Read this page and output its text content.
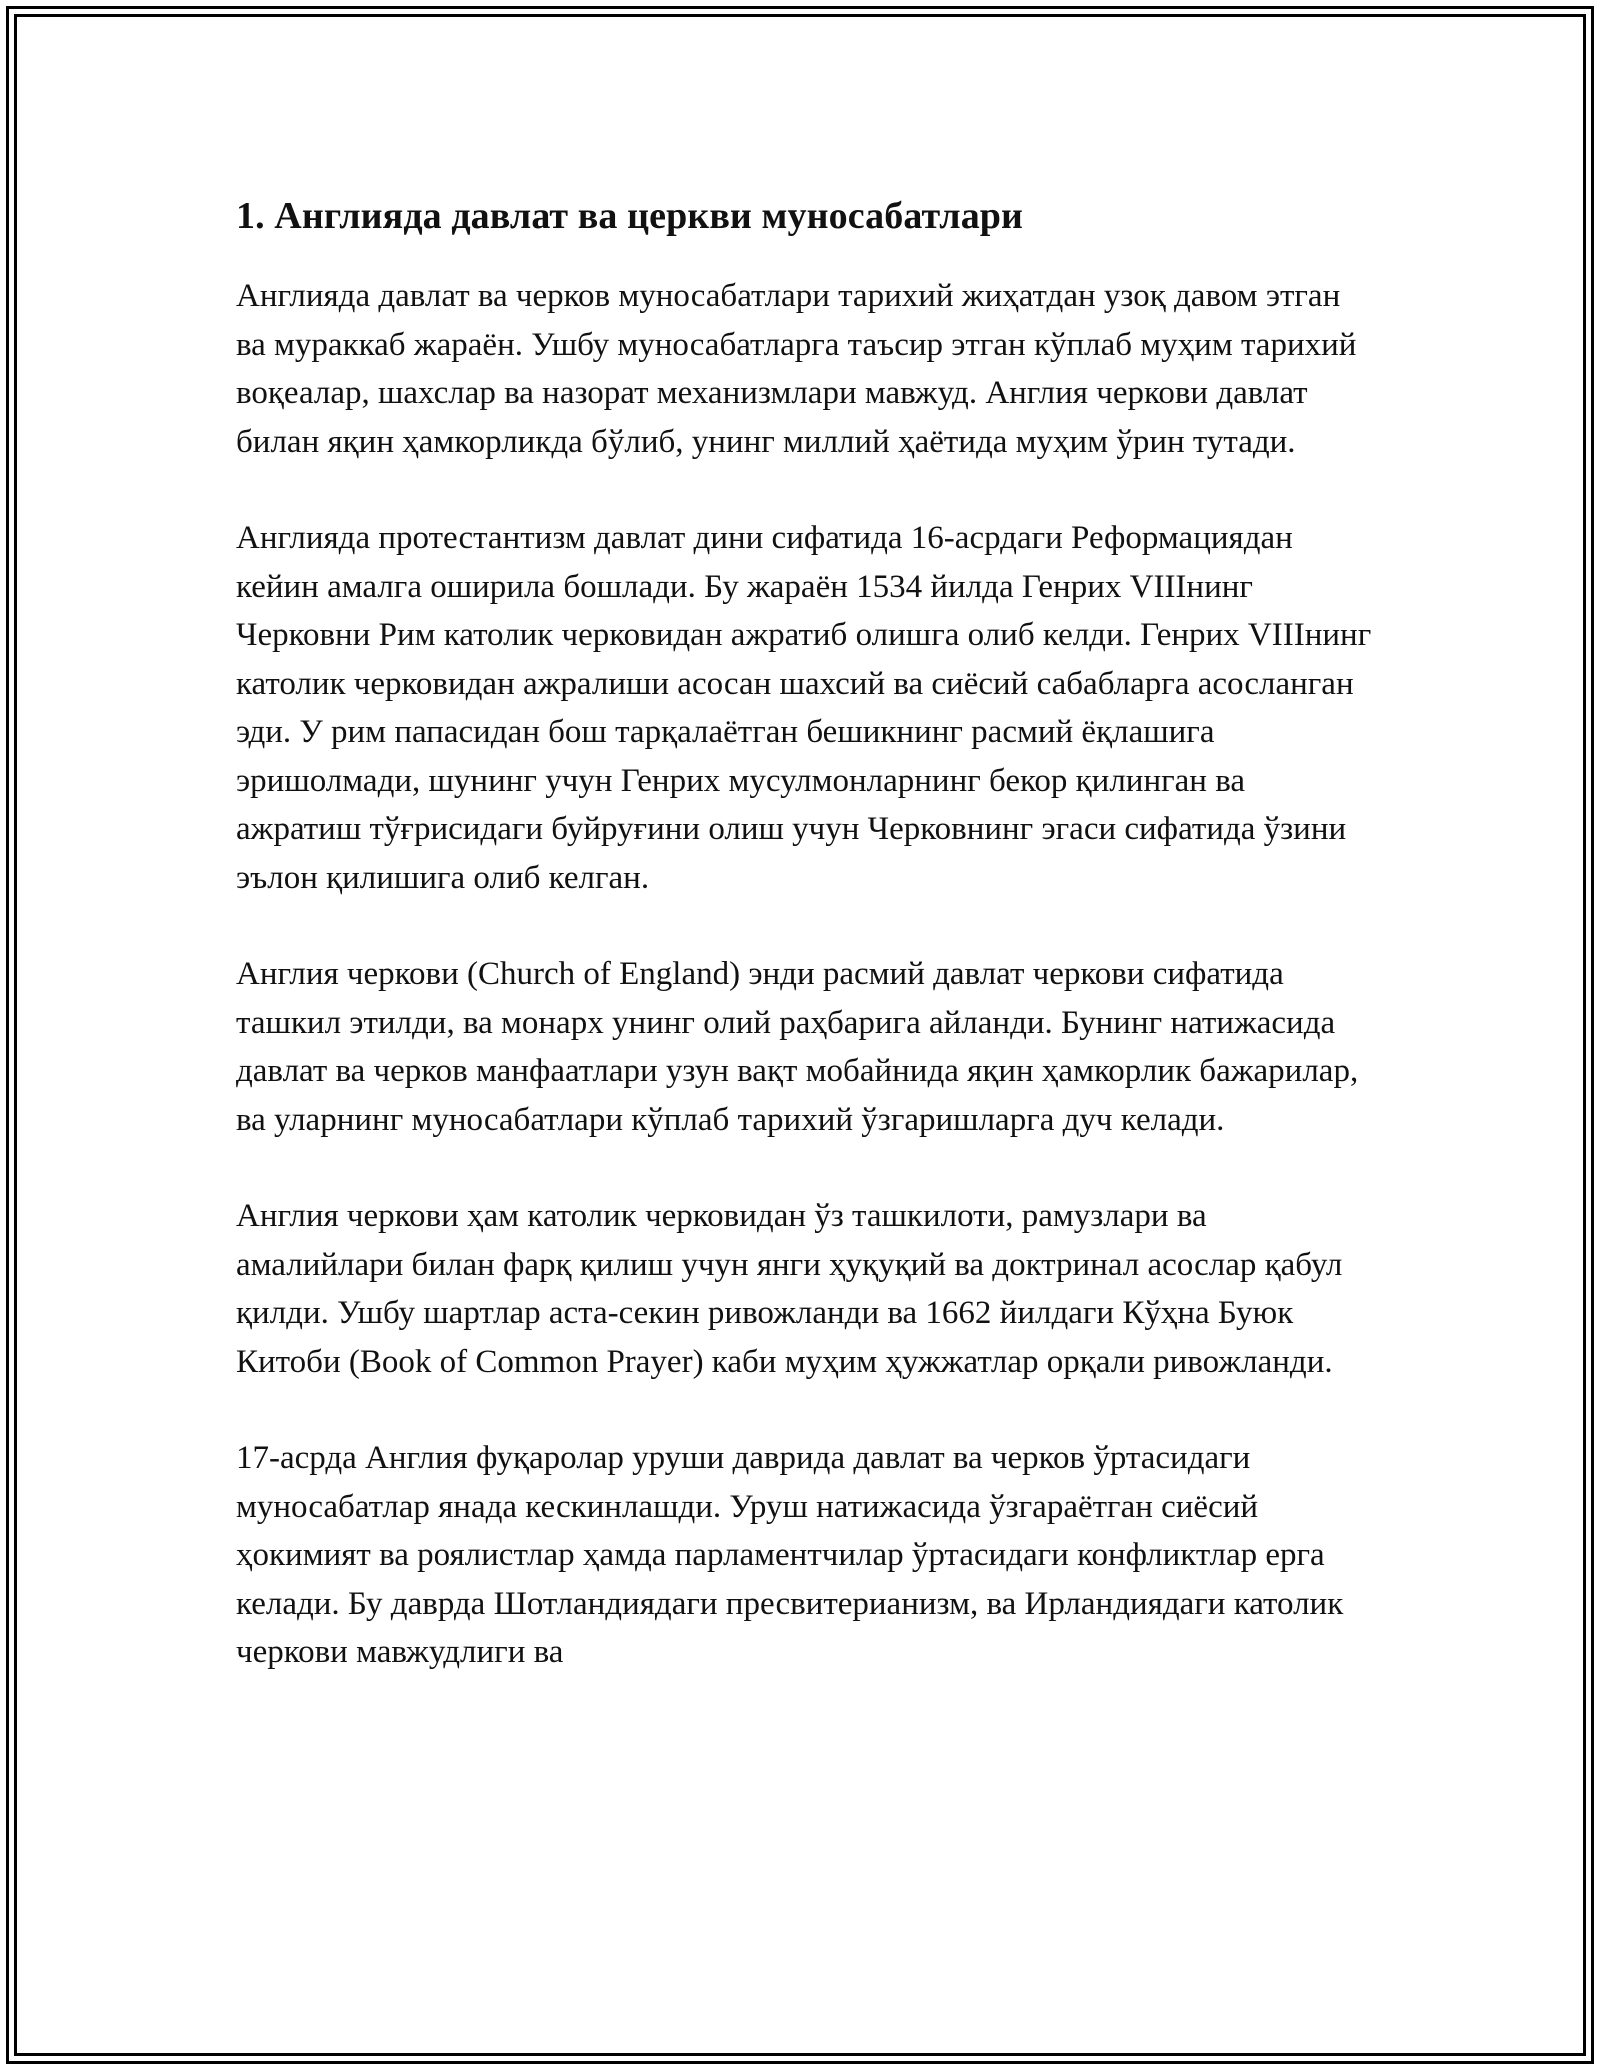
1. Англияда давлат ва церкви муносабатлари

Англияда давлат ва черков муносабатлари тарихий жиҳатдан узоқ давом этган ва мураккаб жараён. Ушбу муносабатларга таъсир этган кўплаб муҳим тарихий воқеалар, шахслар ва назорат механизмлари мавжуд. Англия черкови давлат билан яқин ҳамкорликда бўлиб, унинг миллий ҳаётида муҳим ўрин тутади.

Англияда протестантизм давлат дини сифатида 16-асрдаги Реформациядан кейин амалга оширила бошлади. Бу жараён 1534 йилда Генрих VIIIнинг Черковни Рим католик черковидан ажратиб олишга олиб келди. Генрих VIIIнинг католик черковидан ажралиши асосан шахсий ва сиёсий сабабларга асосланган эди. У рим папасидан бош тарқалаётган бешикнинг расмий ёқлашига эришолмади, шунинг учун Генрих мусулмонларнинг бекор қилинган ва ажратиш тўғрисидаги буйруғини олиш учун Черковнинг эгаси сифатида ўзини эълон қилишига олиб келган.

Англия черкови (Church of England) энди расмий давлат черкови сифатида ташкил этилди, ва монарх унинг олий раҳбарига айланди. Бунинг натижасида давлат ва черков манфаатлари узун вақт мобайнида яқин ҳамкорлик бажарилар, ва уларнинг муносабатлари кўплаб тарихий ўзгаришларга дуч келади.

Англия черкови ҳам католик черковидан ўз ташкилоти, рамузлари ва амалийлари билан фарқ қилиш учун янги ҳуқуқий ва доктринал асослар қабул қилди. Ушбу шартлар аста-секин ривожланди ва 1662 йилдаги Кўҳна Буюк Китоби (Book of Common Prayer) каби муҳим ҳужжатлар орқали ривожланди.

17-асрда Англия фуқаролар уруши даврида давлат ва черков ўртасидаги муносабатлар янада кескинлашди. Уруш натижасида ўзгараётган сиёсий ҳокимият ва роялистлар ҳамда парламентчилар ўртасидаги конфликтлар ерга келади. Бу даврда Шотландиядаги пресвитерианизм, ва Ирландиядаги католик черкови мавжудлиги ва
